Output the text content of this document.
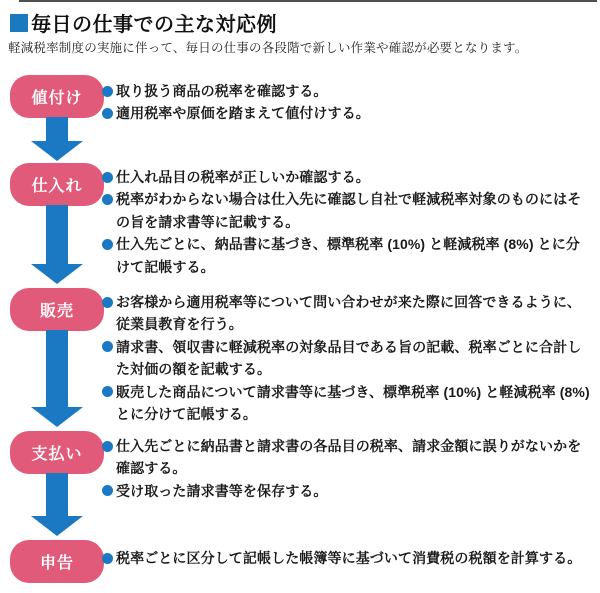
毎日の仕事での主な対応例
軽減税率制度の実施に伴って、毎日の仕事の各段階で新しい作業や確認が必要となります。
値付け	取り扱う商品の税率を確認する。
適用税率や原価を踏まえて値付けする。
仕入れ
仕入れ品目の税率が正しいか確認する。
税率がわからない場合は仕入先に確認し自社で軽減税率対象のものにはその旨を請求書等に記載する。
仕入先ごとに、納品書に基づき、標準税率 (10%) と軽減税率 (8%) とに分けて記帳する。
販売
お客様から適用税率等について問い合わせが来た際に回答できるように、従業員教育を行う。
請求書、領収書に軽減税率の対象品目である旨の記載、税率ごとに合計した対価の額を記載する。
販売した商品について請求書等に基づき、標準税率 (10%) と軽減税率 (8%) とに分けて記帳する。
支払い	仕入先ごとに納品書と請求書の各品目の税率、請求金額に誤りがないかを確認する。
受け取った請求書等を保存する。
申告	税率ごとに区分して記帳した帳簿等に基づいて消費税の税額を計算する。
